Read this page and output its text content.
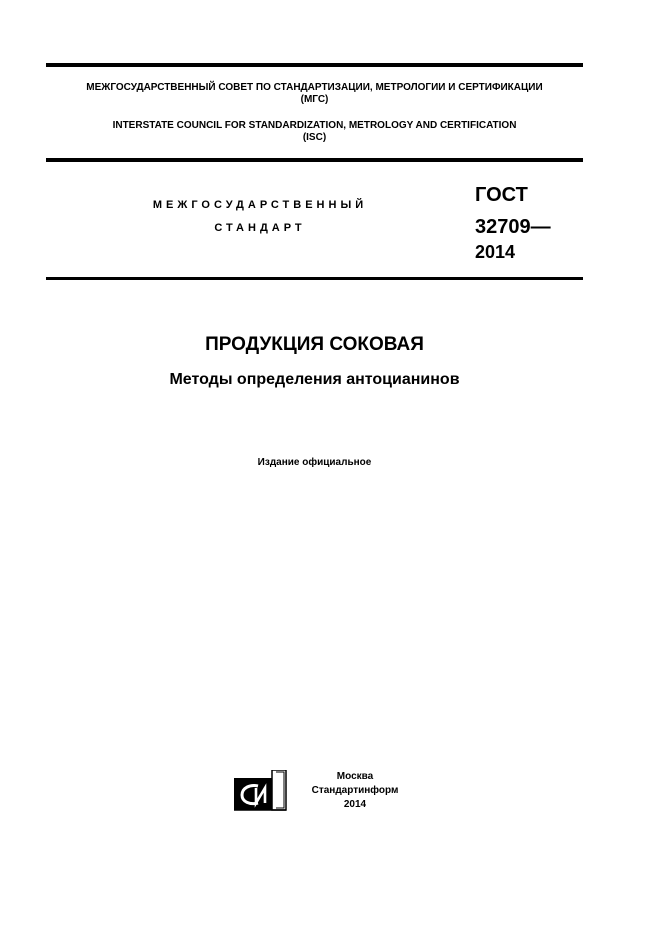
МЕЖГОСУДАРСТВЕННЫЙ СОВЕТ ПО СТАНДАРТИЗАЦИИ, МЕТРОЛОГИИ И СЕРТИФИКАЦИИ
(МГС)
INTERSTATE COUNCIL FOR STANDARDIZATION, METROLOGY AND CERTIFICATION
(ISC)
МЕЖГОСУДАРСТВЕННЫЙ
СТАНДАРТ
ГОСТ
32709—
2014
ПРОДУКЦИЯ СОКОВАЯ
Методы определения антоцианинов
Издание официальное
Москва
Стандартинформ
2014
